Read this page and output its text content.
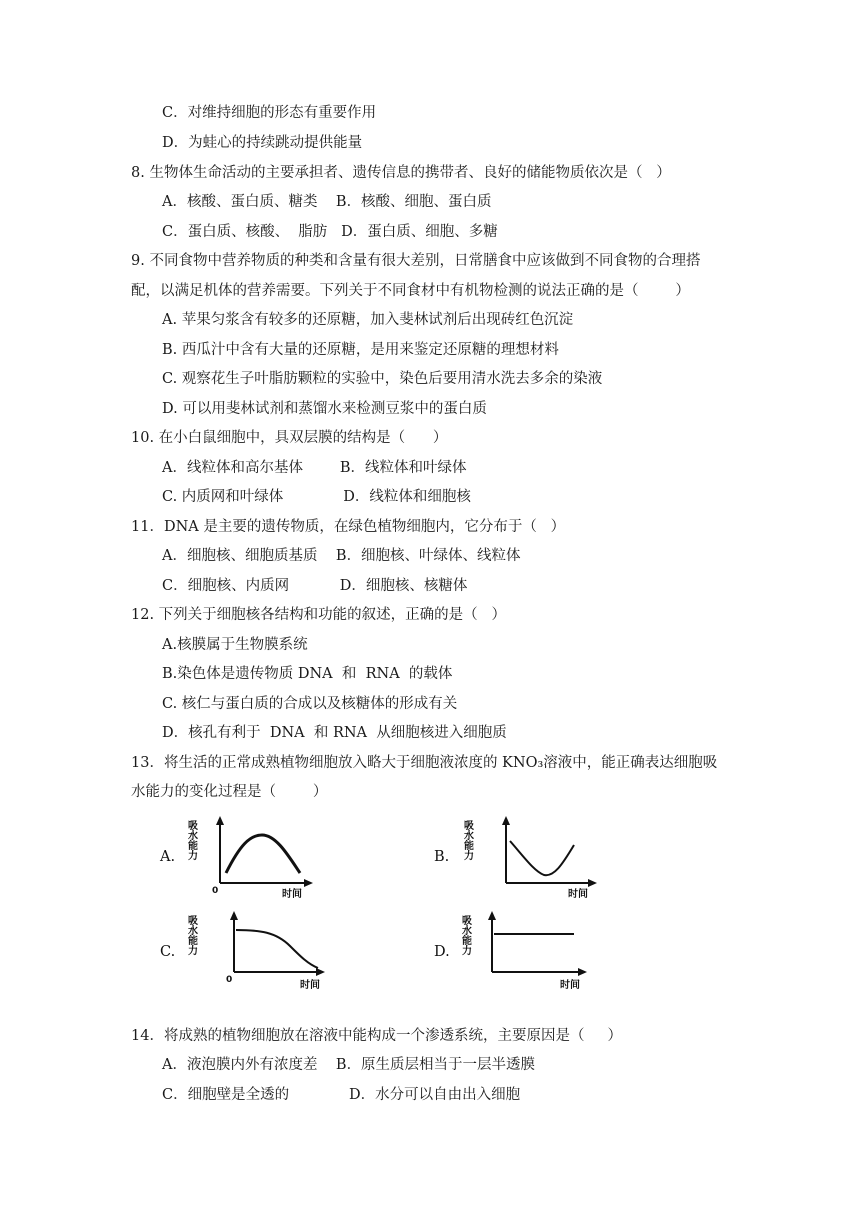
C．对维持细胞的形态有重要作用
D．为蛙心的持续跳动提供能量
8. 生物体生命活动的主要承担者、遗传信息的携带者、良好的储能物质依次是（   ）
A．核酸、蛋白质、糖类    B．核酸、细胞、蛋白质
C．蛋白质、核酸、  脂肪   D．蛋白质、细胞、多糖
9. 不同食物中营养物质的种类和含量有很大差别，日常膳食中应该做到不同食物的合理搭
配，以满足机体的营养需要。下列关于不同食材中有机物检测的说法正确的是（        ）
A. 苹果匀浆含有较多的还原糖，加入斐林试剂后出现砖红色沉淀
B. 西瓜汁中含有大量的还原糖，是用来鉴定还原糖的理想材料
C. 观察花生子叶脂肪颗粒的实验中，染色后要用清水洗去多余的染液
D. 可以用斐林试剂和蒸馏水来检测豆浆中的蛋白质
10. 在小白鼠细胞中，具双层膜的结构是（      ）
A．线粒体和高尔基体        B．线粒体和叶绿体
C. 内质网和叶绿体             D．线粒体和细胞核
11．DNA 是主要的遗传物质，在绿色植物细胞内，它分布于（   ）
A．细胞核、细胞质基质    B．细胞核、叶绿体、线粒体
C．细胞核、内质网           D．细胞核、核糖体
12. 下列关于细胞核各结构和功能的叙述，正确的是（   ）
A.核膜属于生物膜系统
B.染色体是遗传物质 DNA  和  RNA  的载体
C. 核仁与蛋白质的合成以及核糖体的形成有关
D．核孔有利于  DNA  和 RNA  从细胞核进入细胞质
13．将生活的正常成熟植物细胞放入略大于细胞液浓度的 KNO₃溶液中，能正确表达细胞吸
水能力的变化过程是（        ）
A.	B.
C.	D.
吸水能力
0	时间
吸水能力
时间
吸水能力
0	时间
吸水能力
时间
14．将成熟的植物细胞放在溶液中能构成一个渗透系统，主要原因是（     ）
A．液泡膜内外有浓度差    B．原生质层相当于一层半透膜
C．细胞壁是全透的             D．水分可以自由出入细胞
